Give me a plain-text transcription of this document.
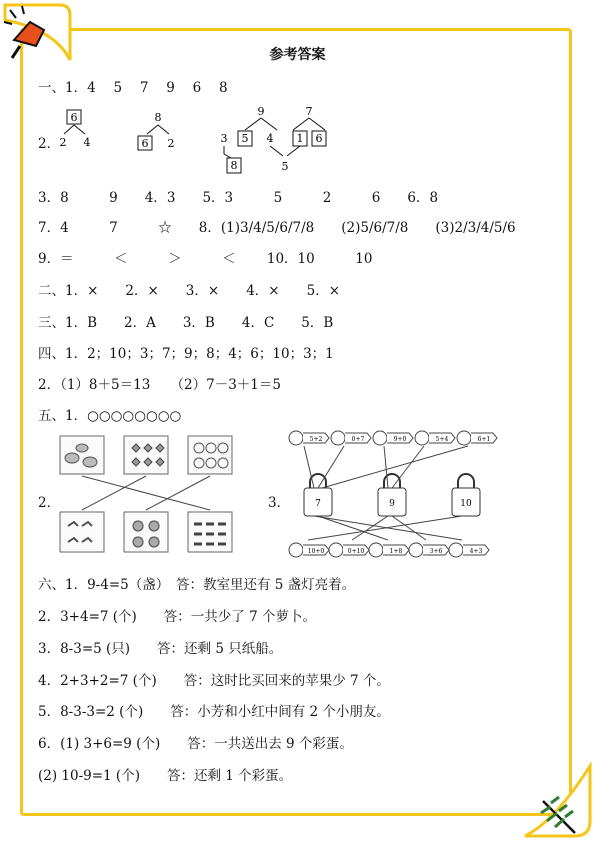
参考答案
一、1．4　 5　 7　 9　 6　 8
2．
3．8　　　9　　4．3　　5．3　　　5　　　2　　　6　　6．8
7．4　　　7　　　☆　　8．(1)3/4/5/6/7/8　　(2)5/6/7/8　　(3)2/3/4/5/6
9．＝　　　＜　　　＞　　　＜　　 10．10　　　10
二、1．×　　2．×　　3．×　　4．×　　5．×
三、1．B　　2．A　　3．B　　4．C　　5．B
四、1．2；10；3；7；9；8；4；6；10；3；1
2．（1）8＋5＝13　　（2）7－3＋1＝5
五、1．○○○○○○○○
2．
六、1．9-4=5（盏）　答：教室里还有 5 盏灯亮着。
2．3+4=7 (个)　　答：一共少了 7 个萝卜。
3．8-3=5 (只)　　答：还剩 5 只纸船。
4．2+3+2=7 (个)　　答：这时比买回来的苹果少 7 个。
5．8-3-3=2 (个)　　答：小芳和小红中间有 2 个小朋友。
6．(1) 3+6=9 (个)　　答：一共送出去 9 个彩蛋。
(2) 10-9=1 (个)　　答：还剩 1 个彩蛋。
6
2 4
8
6 2
9	7
3 5 4 1 6
8	5
3．
5+2	0+7	9+0	5+4	6+1
7	9	10
10+0	0+10	1+8	3+6	4+3
